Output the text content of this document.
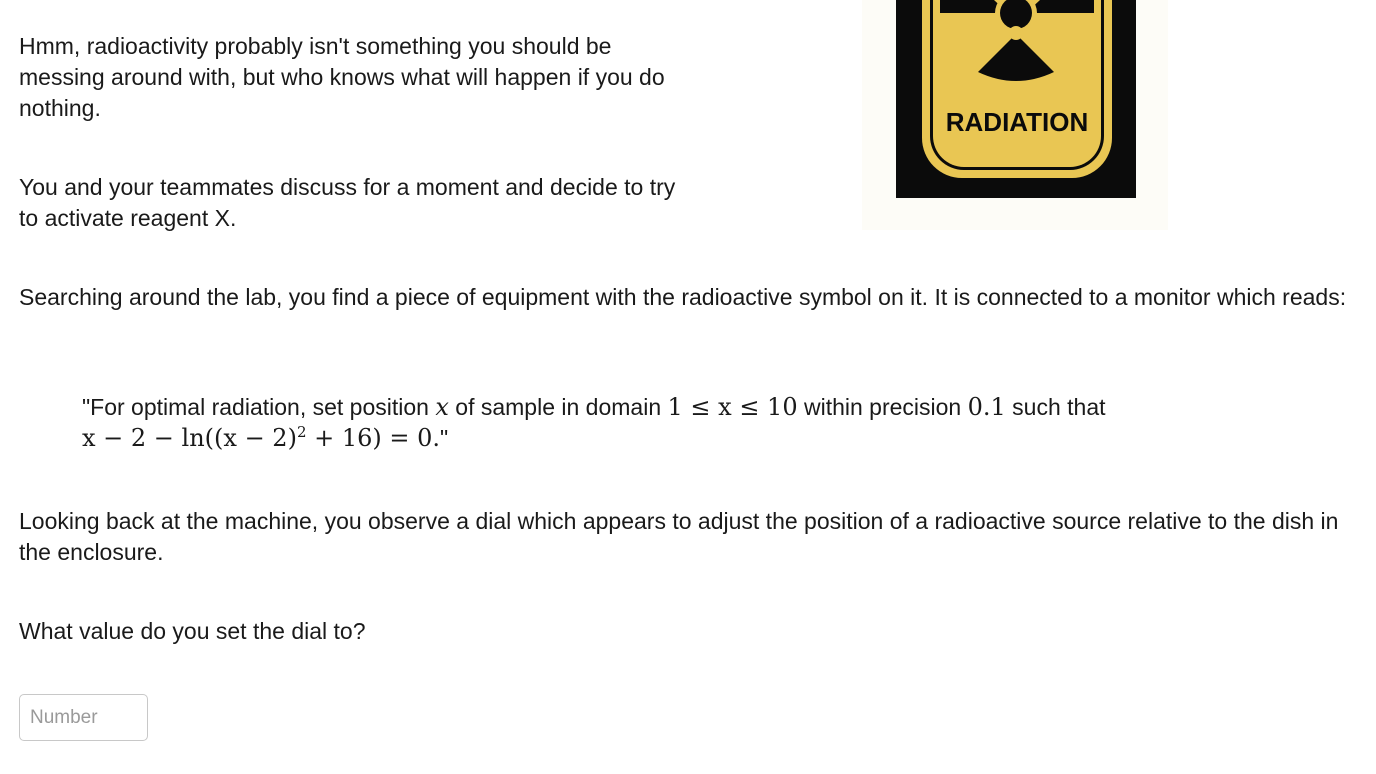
Hmm, radioactivity probably isn't something you should be messing around with, but who knows what will happen if you do nothing.	RADIATION

You and your teammates discuss for a moment and decide to try to activate reagent X.

Searching around the lab, you find a piece of equipment with the radioactive symbol on it. It is connected to a monitor which reads:

"For optimal radiation, set position x of sample in domain 1 ≤ x ≤ 10 within precision 0.1 such that
$x - 2 - \ln((x - 2)^2 + 16) = 0$."

Looking back at the machine, you observe a dial which appears to adjust the position of a radioactive source relative to the dish in the enclosure.

What value do you set the dial to?

Number
